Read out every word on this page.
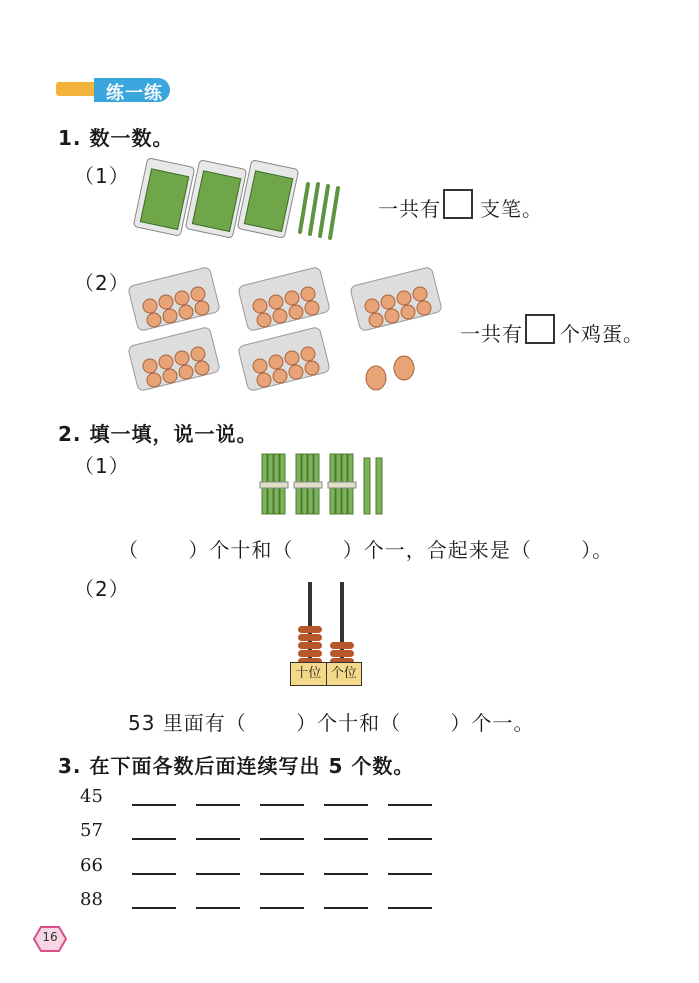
练一练
1. 数一数。
（1）
一共有 支笔。
（2）
一共有 个鸡蛋。
2. 填一填，说一说。
（1）
（　　 ）个十和（　　 ）个一，合起来是（　　 ）。
（2）
十位 个位
53 里面有（　　 ）个十和（　　 ）个一。
3. 在下面各数后面连续写出 5 个数。
45
57
66
88
16
